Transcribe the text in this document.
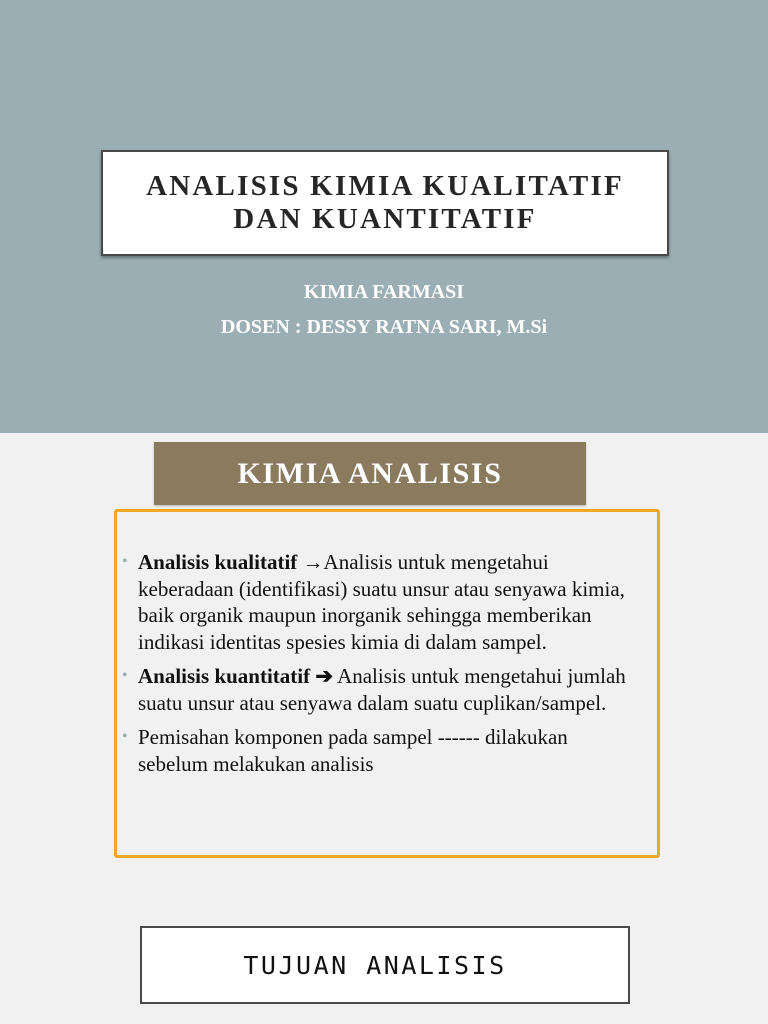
ANALISIS KIMIA KUALITATIF
DAN KUANTITATIF
KIMIA FARMASI
DOSEN : DESSY RATNA SARI, M.Si
KIMIA ANALISIS
• Analisis kualitatif →Analisis untuk mengetahui keberadaan (identifikasi) suatu unsur atau senyawa kimia, baik organik maupun inorganik sehingga memberikan indikasi identitas spesies kimia di dalam sampel.
• Analisis kuantitatif ➔ Analisis untuk mengetahui jumlah suatu unsur atau senyawa dalam suatu cuplikan/sampel.
• Pemisahan komponen pada sampel ------ dilakukan sebelum melakukan analisis
TUJUAN ANALISIS
